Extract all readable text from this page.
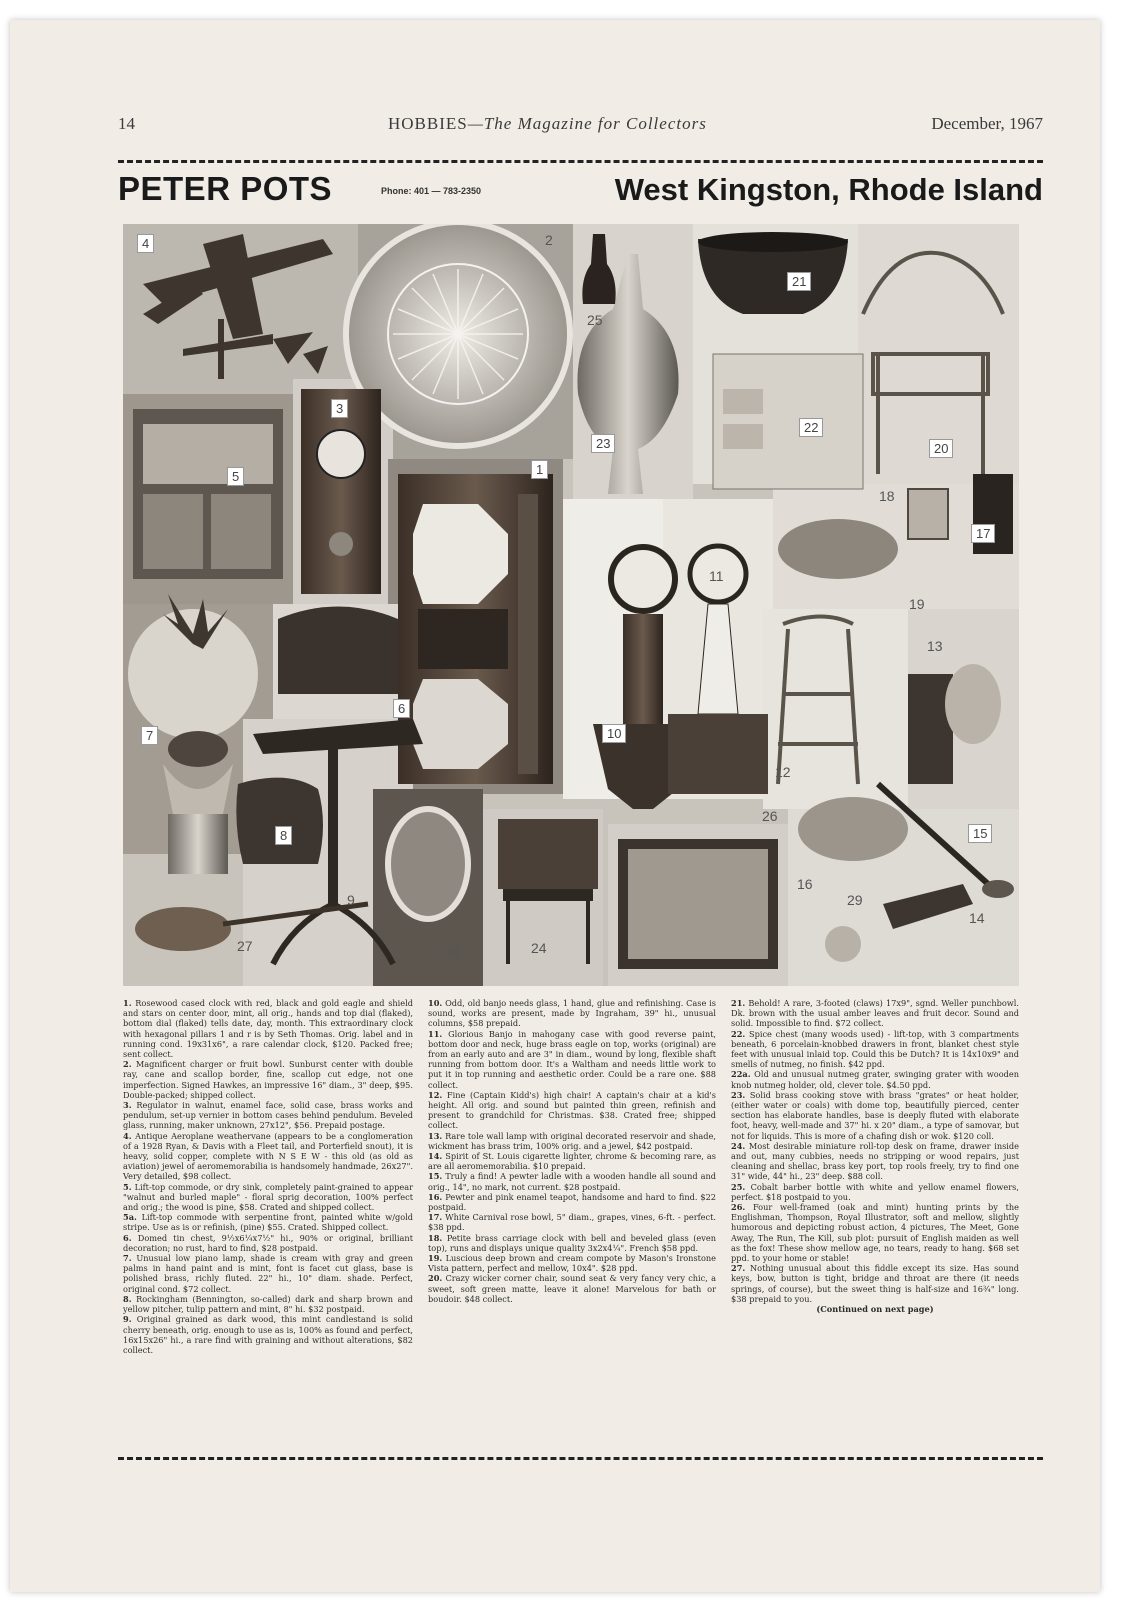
14	HOBBIES—The Magazine for Collectors	December, 1967
PETER POTS	Phone: 401 — 783-2350	West Kingston, Rhode Island
4	2
3
5	1
25
23
21
22
20
18
17
11
19
13
6
7	10
12
8
26
15
16
9	29
14
27	28	24

1. Rosewood cased clock with red, black and gold eagle and shield and stars on center door, mint, all orig., hands and top dial (flaked), bottom dial (flaked) tells date, day, month. This extraordinary clock with hexagonal pillars 1 and r is by Seth Thomas. Orig. label and in running cond. 19x31x6", a rare calendar clock, $120. Packed free; sent collect.

2. Magnificent charger or fruit bowl. Sunburst center with double ray, cane and scallop border, fine, scallop cut edge, not one imperfection. Signed Hawkes, an impressive 16" diam., 3" deep, $95. Double-packed; shipped collect.

3. Regulator in walnut, enamel face, solid case, brass works and pendulum, set-up vernier in bottom cases behind pendulum. Beveled glass, running, maker unknown, 27x12", $56. Prepaid postage.

4. Antique Aeroplane weathervane (appears to be a conglomeration of a 1928 Ryan, & Davis with a Fleet tail, and Porterfield snout), it is heavy, solid copper, complete with N S E W - this old (as old as aviation) jewel of aeromemorabilia is handsomely handmade, 26x27". Very detailed, $98 collect.

5. Lift-top commode, or dry sink, completely paint-grained to appear "walnut and burled maple" - floral sprig decoration, 100% perfect and orig.; the wood is pine, $58. Crated and shipped collect.

5a. Lift-top commode with serpentine front, painted white w/gold stripe. Use as is or refinish, (pine) $55. Crated. Shipped collect.

6. Domed tin chest, 9½x6¼x7½" hi., 90% or original, brilliant decoration; no rust, hard to find, $28 postpaid.

7. Unusual low piano lamp, shade is cream with gray and green palms in hand paint and is mint, font is facet cut glass, base is polished brass, richly fluted. 22" hi., 10" diam. shade. Perfect, original cond. $72 collect.

8. Rockingham (Bennington, so-called) dark and sharp brown and yellow pitcher, tulip pattern and mint, 8" hi. $32 postpaid.

9. Original grained as dark wood, this mint candlestand is solid cherry beneath, orig. enough to use as is, 100% as found and perfect, 16x15x26" hi., a rare find with graining and without alterations, $82 collect.

10. Odd, old banjo needs glass, 1 hand, glue and refinishing. Case is sound, works are present, made by Ingraham, 39" hi., unusual columns, $58 prepaid.

11. Glorious Banjo in mahogany case with good reverse paint, bottom door and neck, huge brass eagle on top, works (original) are from an early auto and are 3" in diam., wound by long, flexible shaft running from bottom door. It's a Waltham and needs little work to put it in top running and aesthetic order. Could be a rare one. $88 collect.

12. Fine (Captain Kidd's) high chair! A captain's chair at a kid's height. All orig. and sound but painted thin green, refinish and present to grandchild for Christmas. $38. Crated free; shipped collect.

13. Rare tole wall lamp with original decorated reservoir and shade, wickment has brass trim, 100% orig. and a jewel, $42 postpaid.

14. Spirit of St. Louis cigarette lighter, chrome & becoming rare, as are all aeromemorabilia. $10 prepaid.

15. Truly a find! A pewter ladle with a wooden handle all sound and orig., 14", no mark, not current. $28 postpaid.

16. Pewter and pink enamel teapot, handsome and hard to find. $22 postpaid.

17. White Carnival rose bowl, 5" diam., grapes, vines, 6-ft. - perfect. $38 ppd.

18. Petite brass carriage clock with bell and beveled glass (even top), runs and displays unique quality 3x2x4¼". French $58 ppd.

19. Luscious deep brown and cream compote by Mason's Ironstone Vista pattern, perfect and mellow, 10x4". $28 ppd.

20. Crazy wicker corner chair, sound seat & very fancy very chic, a sweet, soft green matte, leave it alone! Marvelous for bath or boudoir. $48 collect.

21. Behold! A rare, 3-footed (claws) 17x9", sgnd. Weller punchbowl. Dk. brown with the usual amber leaves and fruit decor. Sound and solid. Impossible to find. $72 collect.

22. Spice chest (many woods used) - lift-top, with 3 compartments beneath, 6 porcelain-knobbed drawers in front, blanket chest style feet with unusual inlaid top. Could this be Dutch? It is 14x10x9" and smells of nutmeg, no finish. $42 ppd.

22a. Old and unusual nutmeg grater, swinging grater with wooden knob nutmeg holder, old, clever tole. $4.50 ppd.

23. Solid brass cooking stove with brass "grates" or heat holder, (either water or coals) with dome top, beautifully pierced, center section has elaborate handles, base is deeply fluted with elaborate foot, heavy, well-made and 37" hi. x 20" diam., a type of samovar, but not for liquids. This is more of a chafing dish or wok. $120 coll.

24. Most desirable miniature roll-top desk on frame, drawer inside and out, many cubbies, needs no stripping or wood repairs, just cleaning and shellac, brass key port, top rools freely, try to find one 31" wide, 44" hi., 23" deep. $88 coll.

25. Cobalt barber bottle with white and yellow enamel flowers, perfect. $18 postpaid to you.

26. Four well-framed (oak and mint) hunting prints by the Englishman, Thompson, Royal Illustrator, soft and mellow, slightly humorous and depicting robust action, 4 pictures, The Meet, Gone Away, The Run, The Kill, sub plot: pursuit of English maiden as well as the fox! These show mellow age, no tears, ready to hang. $68 set ppd. to your home or stable!

27. Nothing unusual about this fiddle except its size. Has sound keys, bow, button is tight, bridge and throat are there (it needs springs, of course), but the sweet thing is half-size and 16¾" long. $38 prepaid to you.

(Continued on next page)
